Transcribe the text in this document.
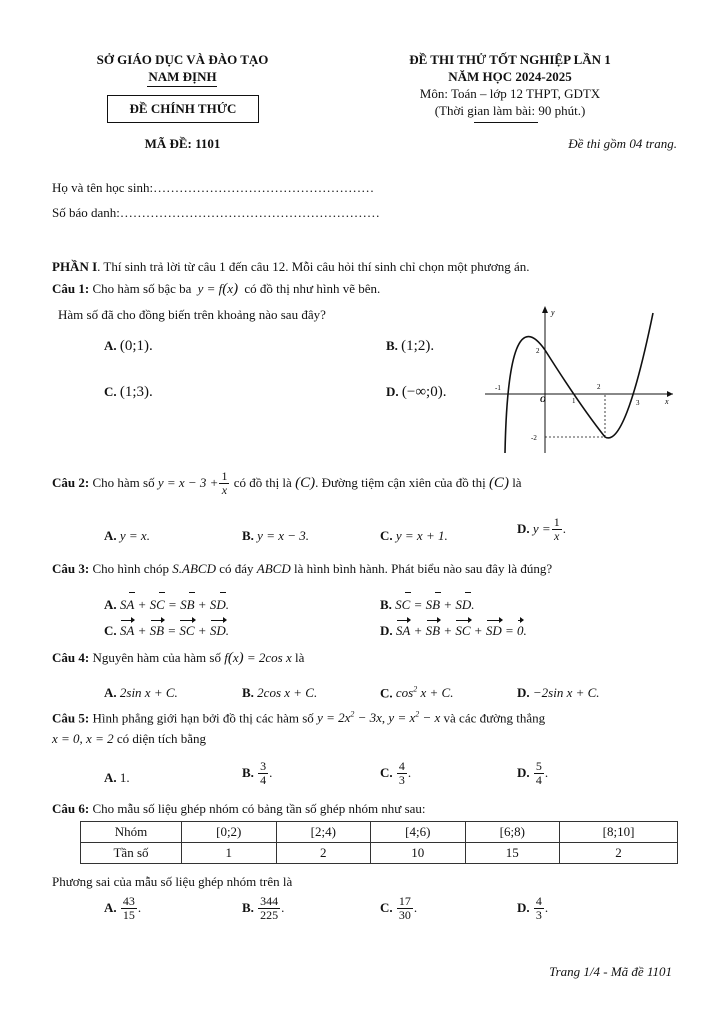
SỞ GIÁO DỤC VÀ ĐÀO TẠO
NAM ĐỊNH
ĐỀ CHÍNH THỨC
MÃ ĐỀ: 1101
ĐỀ THI THỬ TỐT NGHIỆP LẦN 1
NĂM HỌC 2024-2025
Môn: Toán – lớp 12 THPT, GDTX
(Thời gian làm bài: 90 phút.)
Đề thi gồm 04 trang.
Họ và tên học sinh:……………………………………………
Số báo danh:……………………………………………………
PHẦN I. Thí sinh trả lời từ câu 1 đến câu 12. Mỗi câu hỏi thí sinh chỉ chọn một phương án.
Câu 1: Cho hàm số bậc ba y = f(x) có đồ thị như hình vẽ bên.
Hàm số đã cho đồng biến trên khoảng nào sau đây?
A. (0;1).	B. (1;2).
C. (1;3).	D. (−∞;0).
y
O	x
-1
1
2
3
2
-2
Câu 2:
Cho hàm số
$y = x - 3 + \frac{1}{x}$
có đồ thị là
(C) . Đường tiệm cận xiên của đồ thị
(C)
là
A. y = x.	B. y = x − 3.	C. y = x + 1.	D.
$y = \frac{1}{x}$ .
Câu 3: Cho hình chóp S.ABCD có đáy ABCD là hình bình hành. Phát biểu nào sau đây là đúng?
A. SA + SC = SB + SD.	B. SC = SB + SD.
C. SA + SB = SC + SD.	D. SA + SB + SC + SD = 0.
Câu 4: Nguyên hàm của hàm số f(x) = 2cos x là
A. 2sin x + C.	B. 2cos x + C.	C. $\cos^2 x + C$.	D. −2sin x + C.
Câu 5: Hình phẳng giới hạn bởi đồ thị các hàm số $y = 2x^2 - 3x$, $y = x^2 - x$ và các đường thẳng
x = 0, x = 2 có diện tích bằng
A. 1.	B.
$\frac{3}{4}$ .	C.
$\frac{4}{3}$ .	D.
$\frac{5}{4}$ .
Câu 6: Cho mẫu số liệu ghép nhóm có bảng tần số ghép nhóm như sau:
Nhóm	[0;2)	[2;4)	[4;6)	[6;8)	[8;10]
Tần số	1	2	10	15	2
Phương sai của mẫu số liệu ghép nhóm trên là
A.
$\frac{43}{15}$ .	B.
$\frac{344}{225}$ .	C.
$\frac{17}{30}$ .	D.
$\frac{4}{3}$ .
Trang 1/4 - Mã đề 1101
